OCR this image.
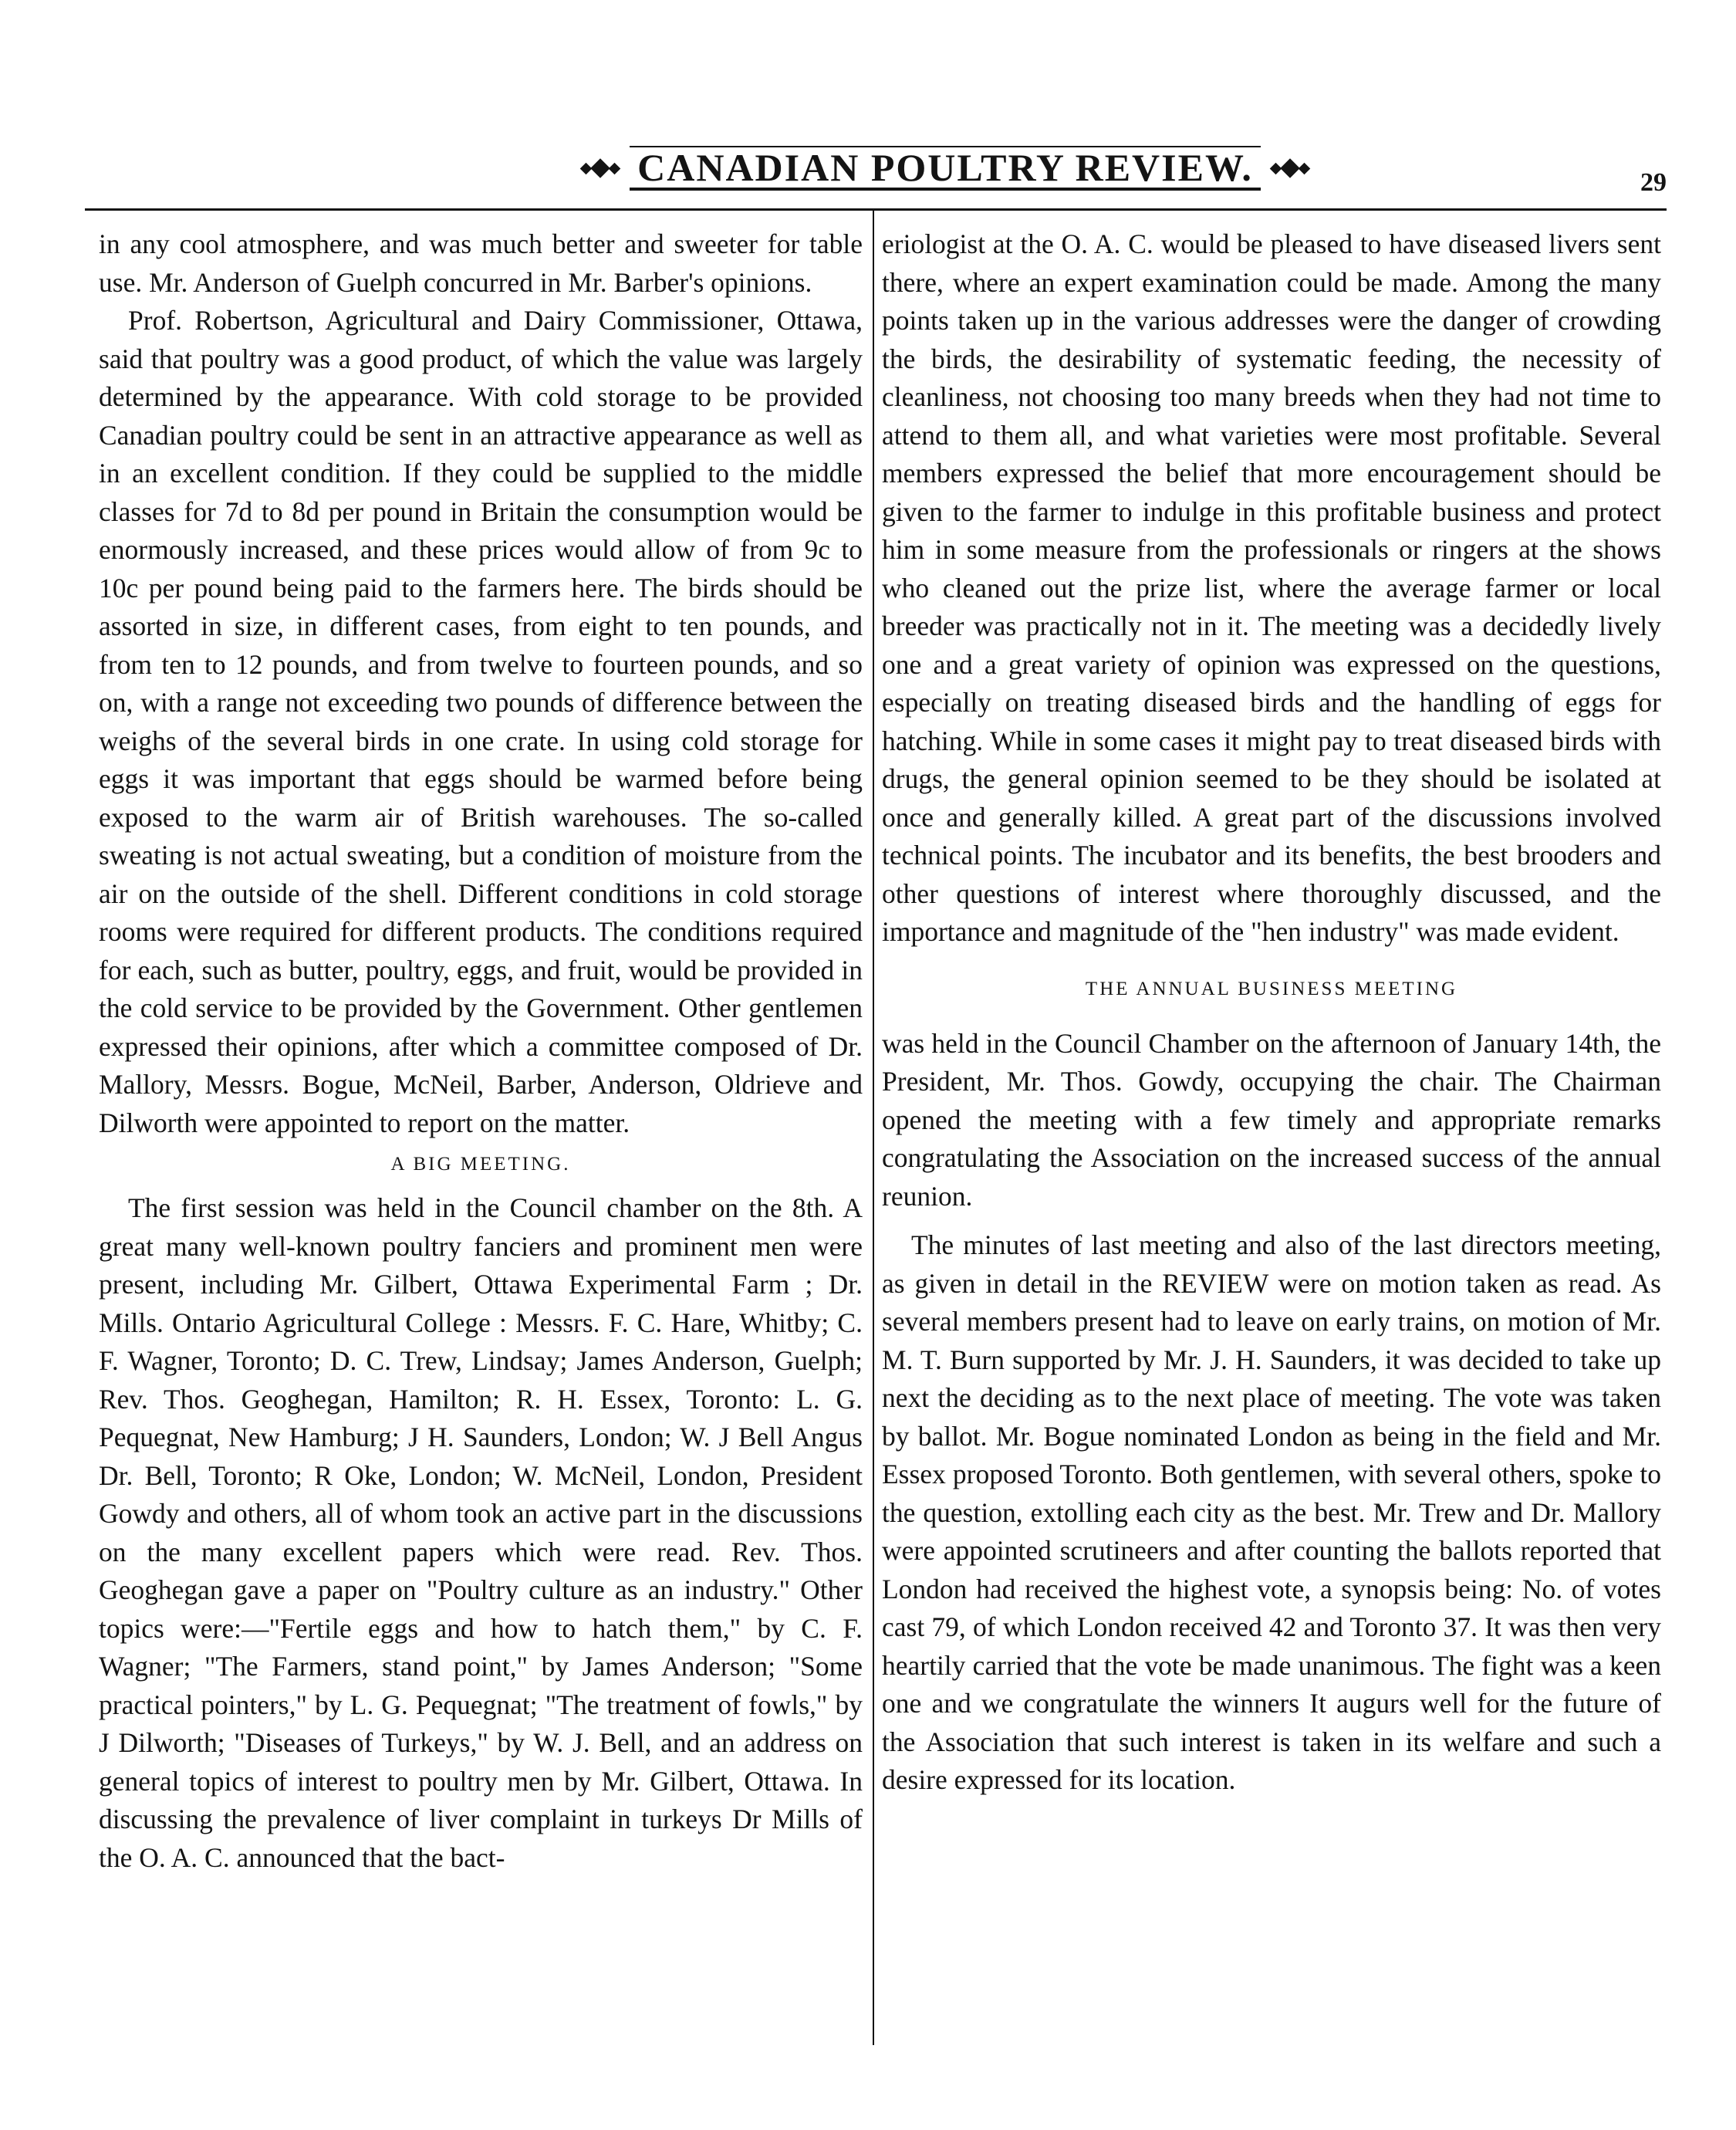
CANADIAN POULTRY REVIEW.	29

in any cool atmosphere, and was much better and sweeter for table use. Mr. Anderson of Guelph concurred in Mr. Barber's opinions.

Prof. Robertson, Agricultural and Dairy Commissioner, Ottawa, said that poultry was a good product, of which the value was largely determined by the appearance. With cold storage to be provided Canadian poultry could be sent in an attractive appearance as well as in an excellent condition. If they could be supplied to the middle classes for 7d to 8d per pound in Britain the consumption would be enormously increased, and these prices would allow of from 9c to 10c per pound being paid to the farmers here. The birds should be assorted in size, in different cases, from eight to ten pounds, and from ten to 12 pounds, and from twelve to fourteen pounds, and so on, with a range not exceeding two pounds of difference between the weighs of the several birds in one crate. In using cold storage for eggs it was important that eggs should be warmed before being exposed to the warm air of British warehouses. The so-called sweating is not actual sweating, but a condition of moisture from the air on the outside of the shell. Different conditions in cold storage rooms were required for different products. The conditions required for each, such as butter, poultry, eggs, and fruit, would be provided in the cold service to be provided by the Government. Other gentlemen expressed their opinions, after which a committee composed of Dr. Mallory, Messrs. Bogue, McNeil, Barber, Anderson, Oldrieve and Dilworth were appointed to report on the matter.

A BIG MEETING.

The first session was held in the Council chamber on the 8th. A great many well-known poultry fanciers and prominent men were present, including Mr. Gilbert, Ottawa Experimental Farm ; Dr. Mills. Ontario Agricultural College : Messrs. F. C. Hare, Whitby; C. F. Wagner, Toronto; D. C. Trew, Lindsay; James Anderson, Guelph; Rev. Thos. Geoghegan, Hamilton; R. H. Essex, Toronto: L. G. Pequegnat, New Hamburg; J H. Saunders, London; W. J Bell Angus Dr. Bell, Toronto; R Oke, London; W. McNeil, London, President Gowdy and others, all of whom took an active part in the discussions on the many excellent papers which were read. Rev. Thos. Geoghegan gave a paper on "Poultry culture as an industry." Other topics were:—"Fertile eggs and how to hatch them," by C. F. Wagner; "The Farmers, stand point," by James Anderson; "Some practical pointers," by L. G. Pequegnat; "The treatment of fowls," by J Dilworth; "Diseases of Turkeys," by W. J. Bell, and an address on general topics of interest to poultry men by Mr. Gilbert, Ottawa. In discussing the prevalence of liver complaint in turkeys Dr Mills of the O. A. C. announced that the bact-

eriologist at the O. A. C. would be pleased to have diseased livers sent there, where an expert examination could be made. Among the many points taken up in the various addresses were the danger of crowding the birds, the desirability of systematic feeding, the necessity of cleanliness, not choosing too many breeds when they had not time to attend to them all, and what varieties were most profitable. Several members expressed the belief that more encouragement should be given to the farmer to indulge in this profitable business and protect him in some measure from the professionals or ringers at the shows who cleaned out the prize list, where the average farmer or local breeder was practically not in it. The meeting was a decidedly lively one and a great variety of opinion was expressed on the questions, especially on treating diseased birds and the handling of eggs for hatching. While in some cases it might pay to treat diseased birds with drugs, the general opinion seemed to be they should be isolated at once and generally killed. A great part of the discussions involved technical points. The incubator and its benefits, the best brooders and other questions of interest where thoroughly discussed, and the importance and magnitude of the "hen industry" was made evident.

THE ANNUAL BUSINESS MEETING

was held in the Council Chamber on the afternoon of January 14th, the President, Mr. Thos. Gowdy, occupying the chair. The Chairman opened the meeting with a few timely and appropriate remarks congratulating the Association on the increased success of the annual reunion.

The minutes of last meeting and also of the last directors meeting, as given in detail in the REVIEW were on motion taken as read. As several members present had to leave on early trains, on motion of Mr. M. T. Burn supported by Mr. J. H. Saunders, it was decided to take up next the deciding as to the next place of meeting. The vote was taken by ballot. Mr. Bogue nominated London as being in the field and Mr. Essex proposed Toronto. Both gentlemen, with several others, spoke to the question, extolling each city as the best. Mr. Trew and Dr. Mallory were appointed scrutineers and after counting the ballots reported that London had received the highest vote, a synopsis being: No. of votes cast 79, of which London received 42 and Toronto 37. It was then very heartily carried that the vote be made unanimous. The fight was a keen one and we congratulate the winners It augurs well for the future of the Association that such interest is taken in its welfare and such a desire expressed for its location.
